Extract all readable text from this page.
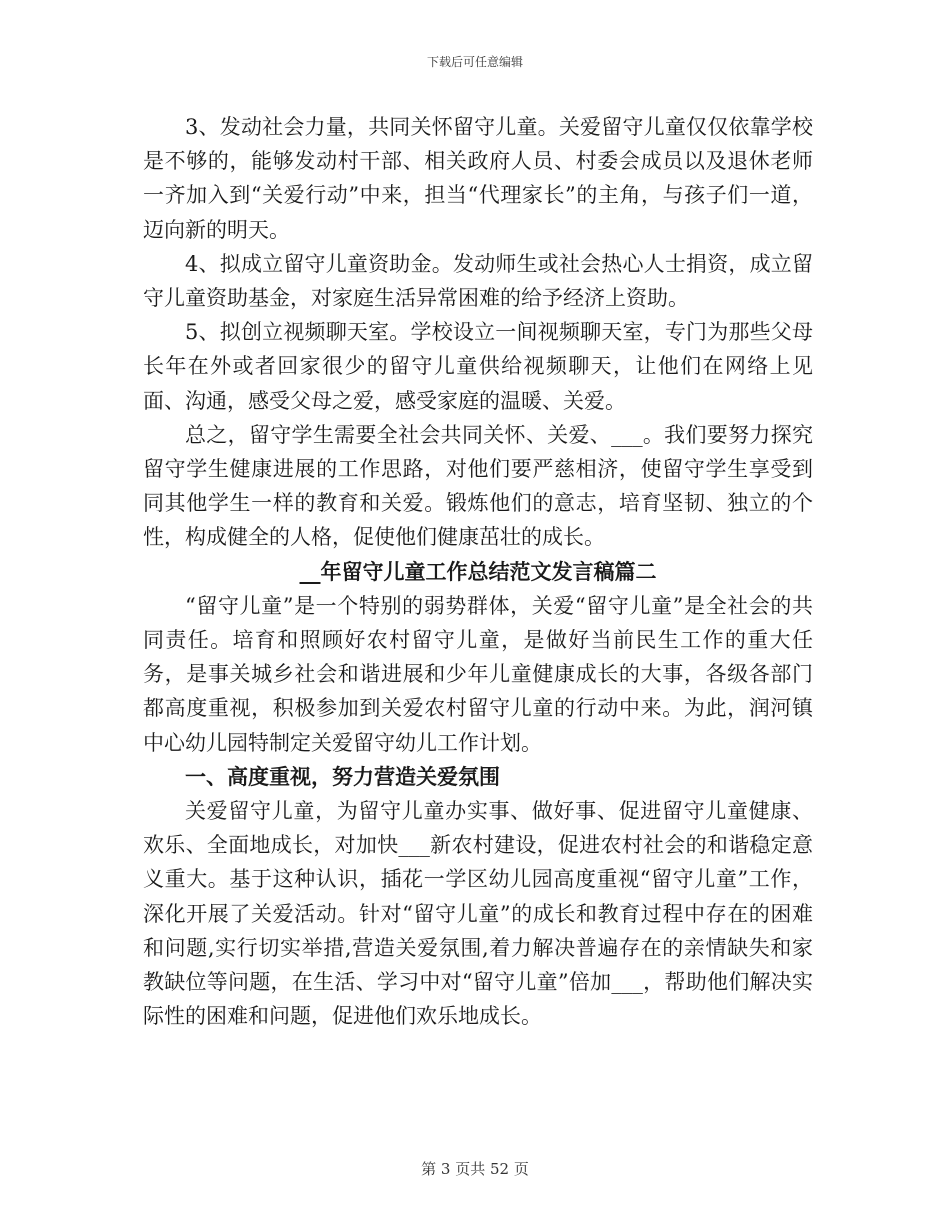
下载后可任意编辑

3、发动社会力量，共同关怀留守儿童。关爱留守儿童仅仅依靠学校是不够的，能够发动村干部、相关政府人员、村委会成员以及退休老师一齐加入到“关爱行动”中来，担当“代理家长”的主角，与孩子们一道，迈向新的明天。

4、拟成立留守儿童资助金。发动师生或社会热心人士捐资，成立留守儿童资助基金，对家庭生活异常困难的给予经济上资助。

5、拟创立视频聊天室。学校设立一间视频聊天室，专门为那些父母长年在外或者回家很少的留守儿童供给视频聊天，让他们在网络上见面、沟通，感受父母之爱，感受家庭的温暖、关爱。

总之，留守学生需要全社会共同关怀、关爱、___。我们要努力探究留守学生健康进展的工作思路，对他们要严慈相济，使留守学生享受到同其他学生一样的教育和关爱。锻炼他们的意志，培育坚韧、独立的个性，构成健全的人格，促使他们健康茁壮的成长。

__年留守儿童工作总结范文发言稿篇二

“留守儿童”是一个特别的弱势群体，关爱“留守儿童”是全社会的共同责任。培育和照顾好农村留守儿童，是做好当前民生工作的重大任务，是事关城乡社会和谐进展和少年儿童健康成长的大事，各级各部门都高度重视，积极参加到关爱农村留守儿童的行动中来。为此，润河镇中心幼儿园特制定关爱留守幼儿工作计划。

一、高度重视，努力营造关爱氛围

关爱留守儿童，为留守儿童办实事、做好事、促进留守儿童健康、欢乐、全面地成长，对加快___新农村建设，促进农村社会的和谐稳定意义重大。基于这种认识，插花一学区幼儿园高度重视“留守儿童”工作，深化开展了关爱活动。针对“留守儿童”的成长和教育过程中存在的困难和问题,实行切实举措,营造关爱氛围,着力解决普遍存在的亲情缺失和家教缺位等问题，在生活、学习中对“留守儿童”倍加___，帮助他们解决实际性的困难和问题，促进他们欢乐地成长。

第 3 页共 52 页
